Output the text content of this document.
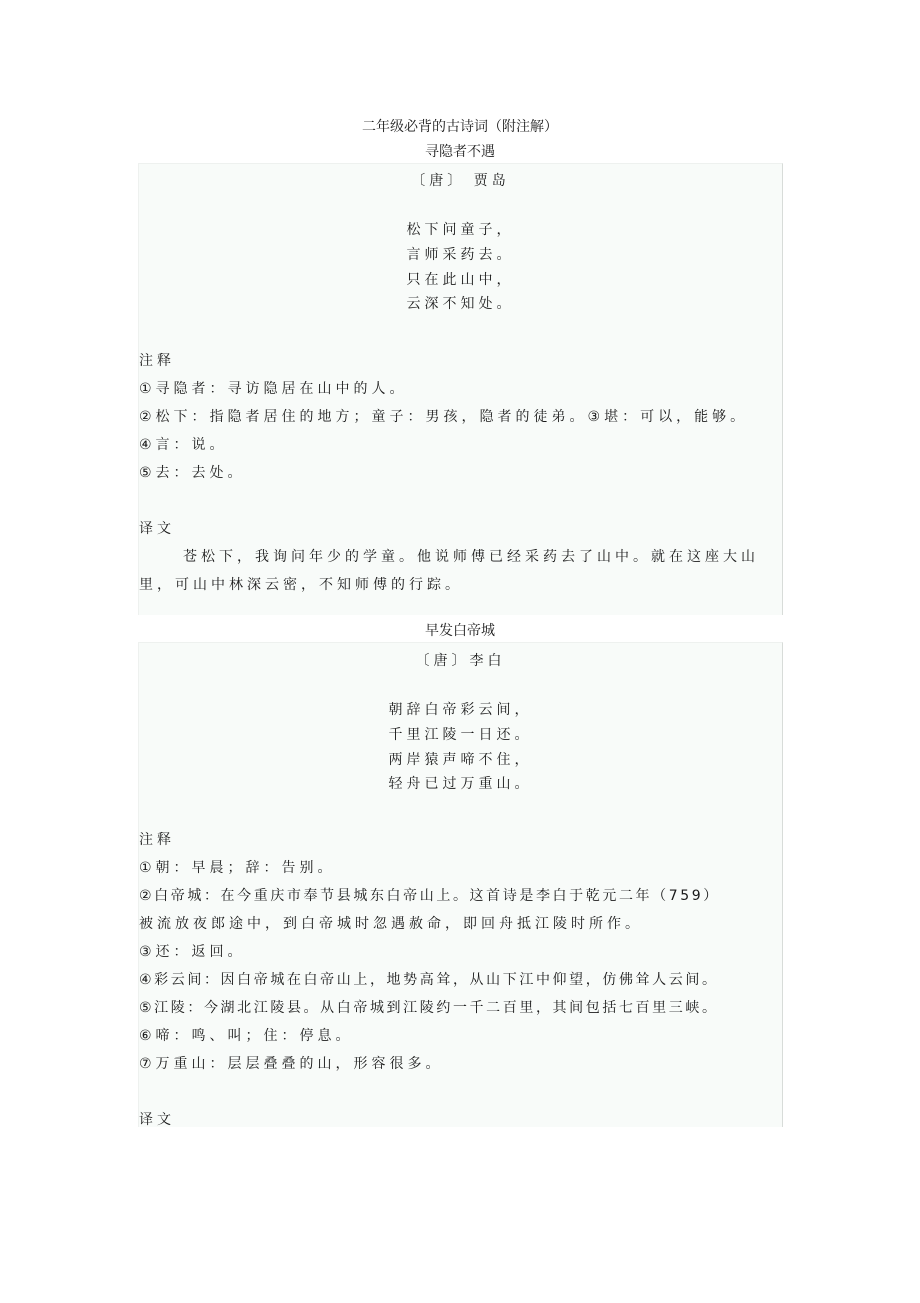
二年级必背的古诗词（附注解）
寻隐者不遇
〔唐〕 贾岛
松下问童子，
言师采药去。
只在此山中，
云深不知处。
注释
①寻隐者：寻访隐居在山中的人。
②松下：指隐者居住的地方；童子：男孩，隐者的徒弟。③堪：可以，能够。
④言：说。
⑤去：去处。
译文
苍松下，我询问年少的学童。他说师傅已经采药去了山中。就在这座大山
里，可山中林深云密，不知师傅的行踪。
早发白帝城
〔唐〕李白
朝辞白帝彩云间，
千里江陵一日还。
两岸猿声啼不住，
轻舟已过万重山。
注释
①朝：早晨；辞：告别。
②白帝城：在今重庆市奉节县城东白帝山上。这首诗是李白于乾元二年（759）
被流放夜郎途中，到白帝城时忽遇赦命，即回舟抵江陵时所作。
③还：返回。
④彩云间：因白帝城在白帝山上，地势高耸，从山下江中仰望，仿佛耸人云间。
⑤江陵：今湖北江陵县。从白帝城到江陵约一千二百里，其间包括七百里三峡。
⑥啼：鸣、叫；住：停息。
⑦万重山：层层叠叠的山，形容很多。
译文
